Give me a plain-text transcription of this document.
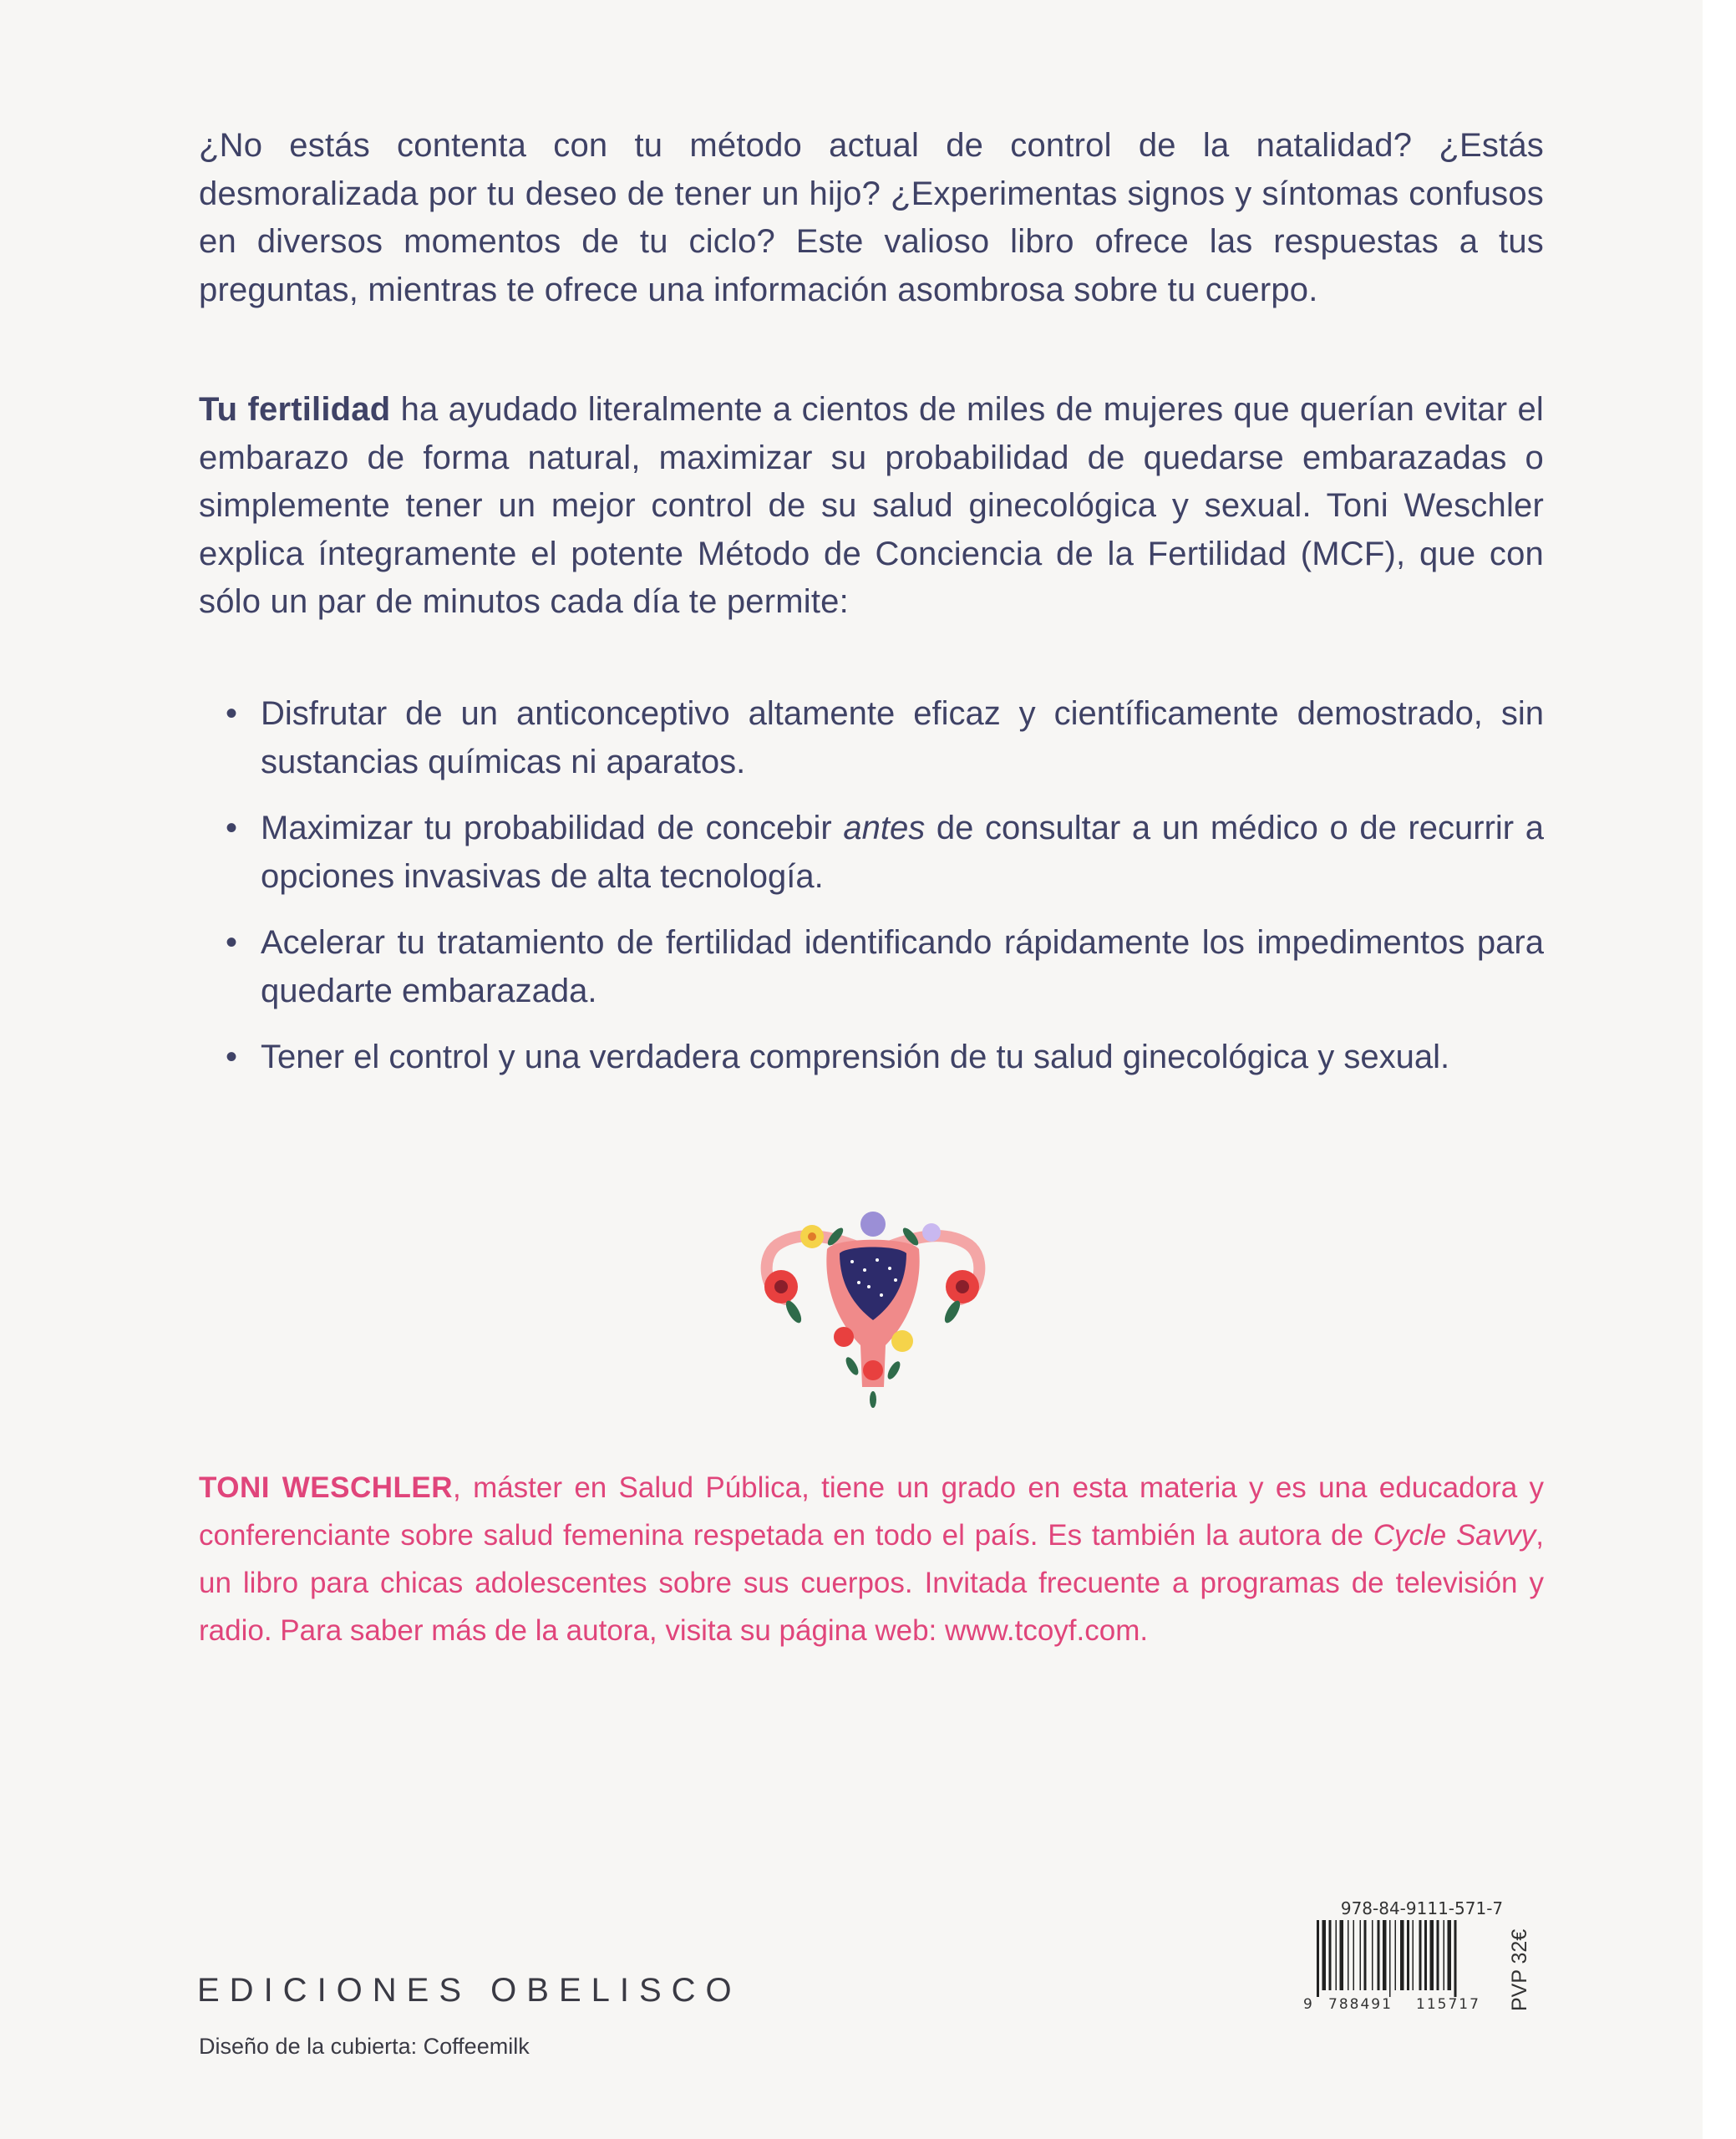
¿No estás contenta con tu método actual de control de la natalidad? ¿Estás desmoralizada por tu deseo de tener un hijo? ¿Experimentas signos y síntomas confusos en diversos momentos de tu ciclo? Este valioso libro ofrece las respuestas a tus preguntas, mientras te ofrece una información asombrosa sobre tu cuerpo.

Tu fertilidad ha ayudado literalmente a cientos de miles de mujeres que querían evitar el embarazo de forma natural, maximizar su probabilidad de quedarse embarazadas o simplemente tener un mejor control de su salud ginecológica y sexual. Toni Weschler explica íntegramente el potente Método de Conciencia de la Fertilidad (MCF), que con sólo un par de minutos cada día te permite:

• Disfrutar de un anticonceptivo altamente eficaz y científicamente demostrado, sin sustancias químicas ni aparatos.
• Maximizar tu probabilidad de concebir antes de consultar a un médico o de recurrir a opciones invasivas de alta tecnología.
• Acelerar tu tratamiento de fertilidad identificando rápidamente los impedimentos para quedarte embarazada.
• Tener el control y una verdadera comprensión de tu salud ginecológica y sexual.

TONI WESCHLER, máster en Salud Pública, tiene un grado en esta materia y es una educadora y conferenciante sobre salud femenina respetada en todo el país. Es también la autora de Cycle Savvy, un libro para chicas adolescentes sobre sus cuerpos. Invitada frecuente a programas de televisión y radio. Para saber más de la autora, visita su página web: www.tcoyf.com.

EDICIONES OBELISCO
Diseño de la cubierta: Coffeemilk
978-84-9111-571-7
9 788491 115717 PVP 32€
